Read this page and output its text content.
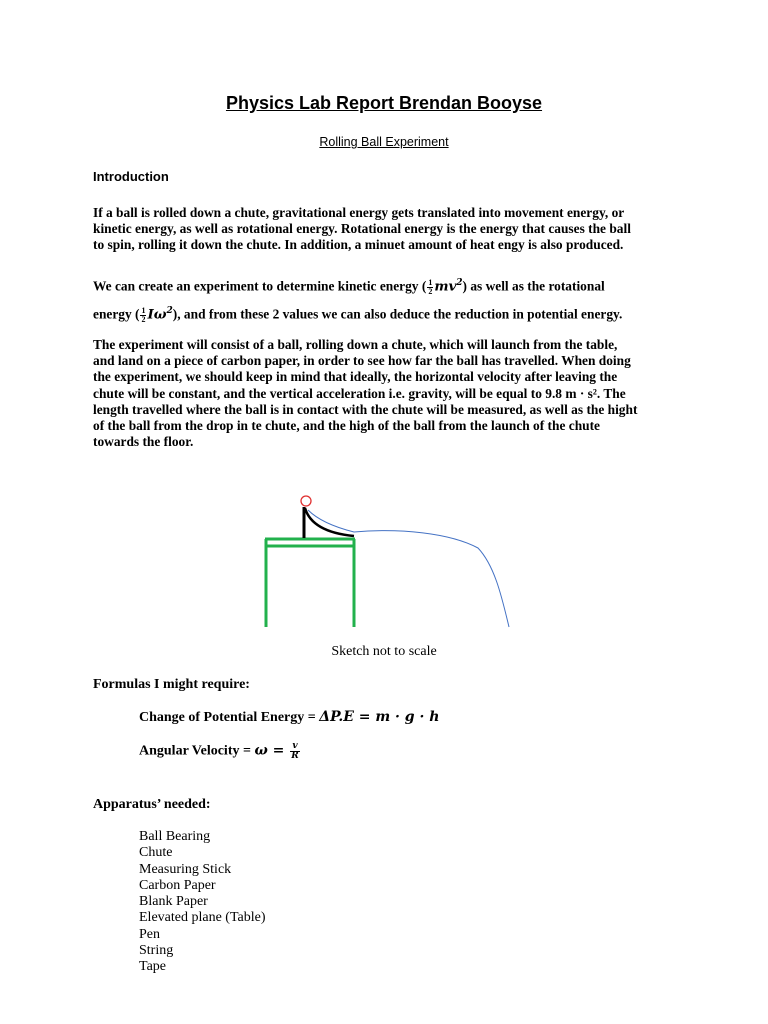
Physics Lab Report Brendan Booyse
Rolling Ball Experiment
Introduction
If a ball is rolled down a chute, gravitational energy gets translated into movement energy, or
kinetic energy, as well as rotational energy. Rotational energy is the energy that causes the ball
to spin, rolling it down the chute. In addition, a minuet amount of heat engy is also produced.
We can create an experiment to determine kinetic energy ( $\frac{1}{2} mv^2$) as well as the rotational
energy ( $\frac{1}{2} I\omega^2$), and from these 2 values we can also deduce the reduction in potential energy.
The experiment will consist of a ball, rolling down a chute, which will launch from the table,
and land on a piece of carbon paper, in order to see how far the ball has travelled. When doing
the experiment, we should keep in mind that ideally, the horizontal velocity after leaving the
chute will be constant, and the vertical acceleration i.e. gravity, will be equal to 9.8 m · s². The
length travelled where the ball is in contact with the chute will be measured, as well as the hight
of the ball from the drop in te chute, and the high of the ball from the launch of the chute
towards the floor.
Sketch not to scale
Formulas I might require:
Change of Potential Energy = ΔP.E = m · g · h
Angular Velocity = $\omega = \frac{v}{R}$
Apparatus’ needed:
Ball Bearing
Chute
Measuring Stick
Carbon Paper
Blank Paper
Elevated plane (Table)
Pen
String
Tape
